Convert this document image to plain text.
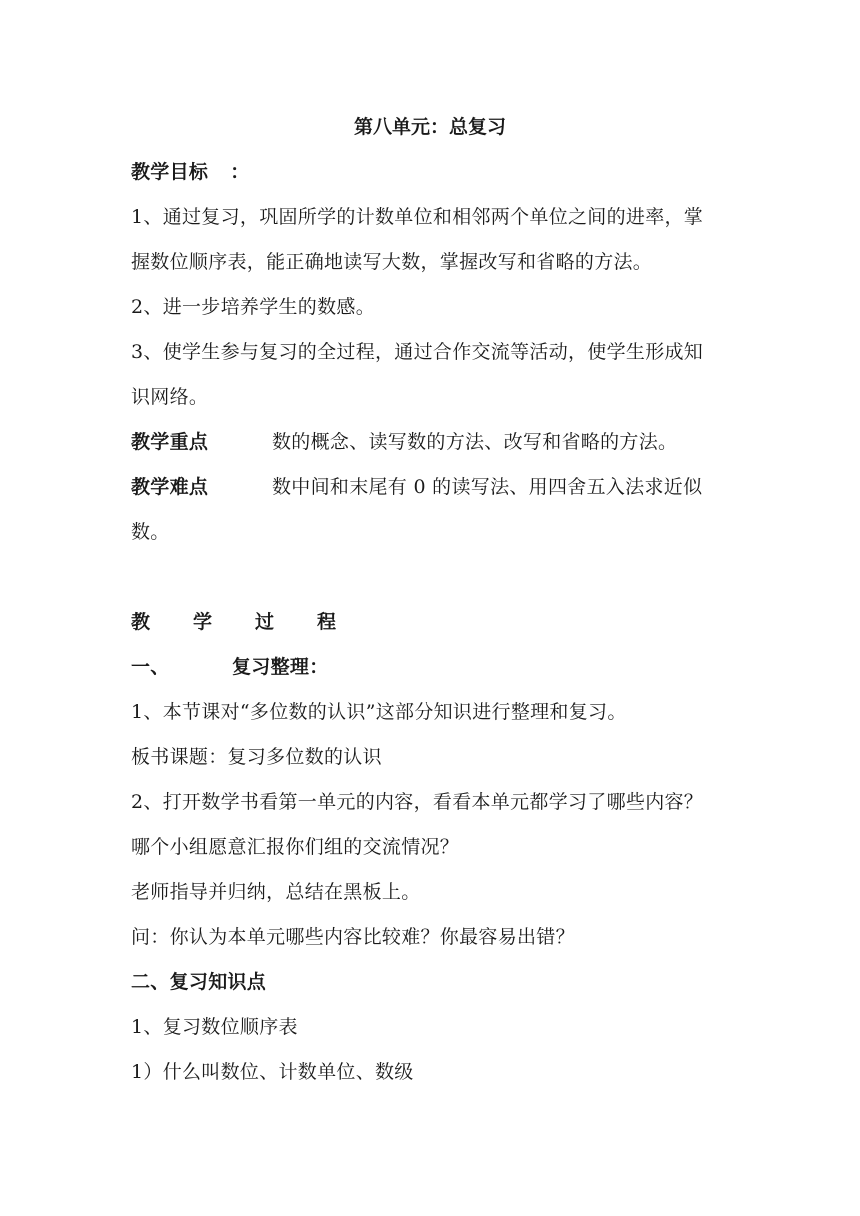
第八单元：总复习
教学目标 ：
1、通过复习，巩固所学的计数单位和相邻两个单位之间的进率，掌
握数位顺序表，能正确地读写大数，掌握改写和省略的方法。
2、进一步培养学生的数感。
3、使学生参与复习的全过程，通过合作交流等活动，使学生形成知
识网络。
教学重点	数的概念、读写数的方法、改写和省略的方法。
教学难点	数中间和末尾有 0 的读写法、用四舍五入法求近似
数。
教 学 过 程
一、	复习整理：
1、本节课对“多位数的认识”这部分知识进行整理和复习。
板书课题：复习多位数的认识
2、打开数学书看第一单元的内容，看看本单元都学习了哪些内容？
哪个小组愿意汇报你们组的交流情况？
老师指导并归纳，总结在黑板上。
问：你认为本单元哪些内容比较难？你最容易出错？
二、复习知识点
1、复习数位顺序表
1）什么叫数位、计数单位、数级
